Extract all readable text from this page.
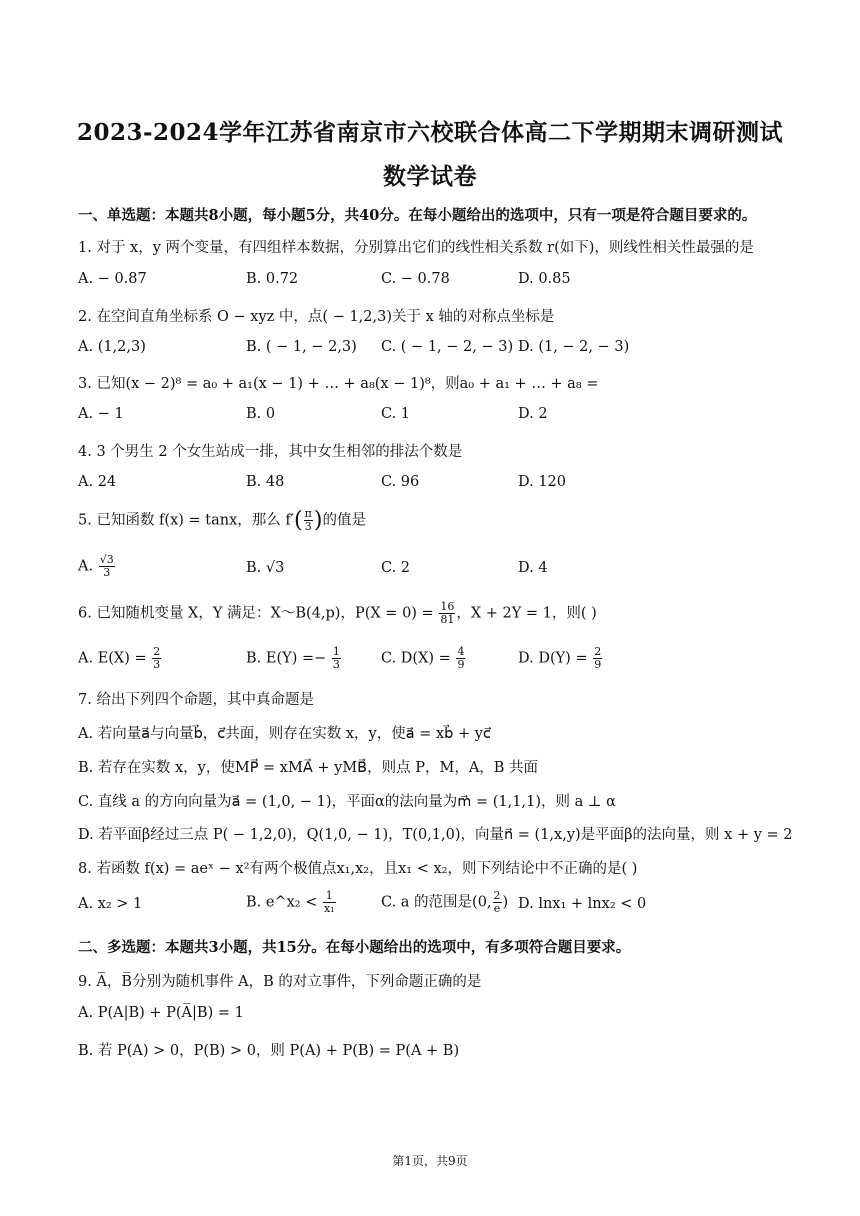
2023-2024学年江苏省南京市六校联合体高二下学期期末调研测试
数学试卷
一、单选题：本题共8小题，每小题5分，共40分。在每小题给出的选项中，只有一项是符合题目要求的。
1. 对于 x，y 两个变量，有四组样本数据，分别算出它们的线性相关系数 r(如下)，则线性相关性最强的是
A. − 0.87	B. 0.72	C. − 0.78	D. 0.85
2. 在空间直角坐标系 O − xyz 中，点( − 1,2,3)关于 x 轴的对称点坐标是
A. (1,2,3)	B. ( − 1, − 2,3) C. ( − 1, − 2, − 3) D. (1, − 2, − 3)
3. 已知(x − 2)⁸ = a₀ + a₁(x − 1) + … + a₈(x − 1)⁸，则a₀ + a₁ + … + a₈ =
A. − 1	B. 0	C. 1	D. 2
4. 3 个男生 2 个女生站成一排，其中女生相邻的排法个数是
A. 24	B. 48	C. 96	D. 120
5. 已知函数 f(x) = tanx，那么 $f'( \frac{\pi}{3}$ )的值是
A. $\frac{√3}{3}$	B. √3	C. 2	D. 4
6. 已知随机变量 X，Y 满足：X～B(4,p)，$P(X = 0) = \frac{16}{81}$ ，X + 2Y = 1，则( )
A. $E(X) = \frac{2}{3}$	B. $E(Y) =- \frac{1}{3}$	C. $D(X) = \frac{4}{9}$	D. $D(Y) = \frac{2}{9}$
7. 给出下列四个命题，其中真命题是
A. 若向量a⃗与向量b⃗，c⃗共面，则存在实数 x，y，使a⃗ = xb⃗ + yc⃗
B. 若存在实数 x，y，使MP⃗ = xMA⃗ + yMB⃗，则点 P，M，A，B 共面
C. 直线 a 的方向向量为a⃗ = (1,0, − 1)，平面α的法向量为m⃗ = (1,1,1)，则 a ⊥ α
D. 若平面β经过三点 P( − 1,2,0)，Q(1,0, − 1)，T(0,1,0)，向量n⃗ = (1,x,y)是平面β的法向量，则 x + y = 2
8. 若函数 f(x) = aeˣ − x²有两个极值点x₁,x₂，且x₁ < x₂，则下列结论中不正确的是( )
A. x₂ > 1	B. e^x₂ < $\frac{1}{\text{x₁}}$	C. a 的范围是(0, $\frac{2}{e}$ ) D. lnx₁ + lnx₂ < 0
二、多选题：本题共3小题，共15分。在每小题给出的选项中，有多项符合题目要求。
9. A̅，B̅分别为随机事件 A，B 的对立事件，下列命题正确的是
A. P(A|B) + P(A̅|B) = 1
B. 若 P(A) > 0，P(B) > 0，则 P(A) + P(B) = P(A + B)
第1页，共9页
